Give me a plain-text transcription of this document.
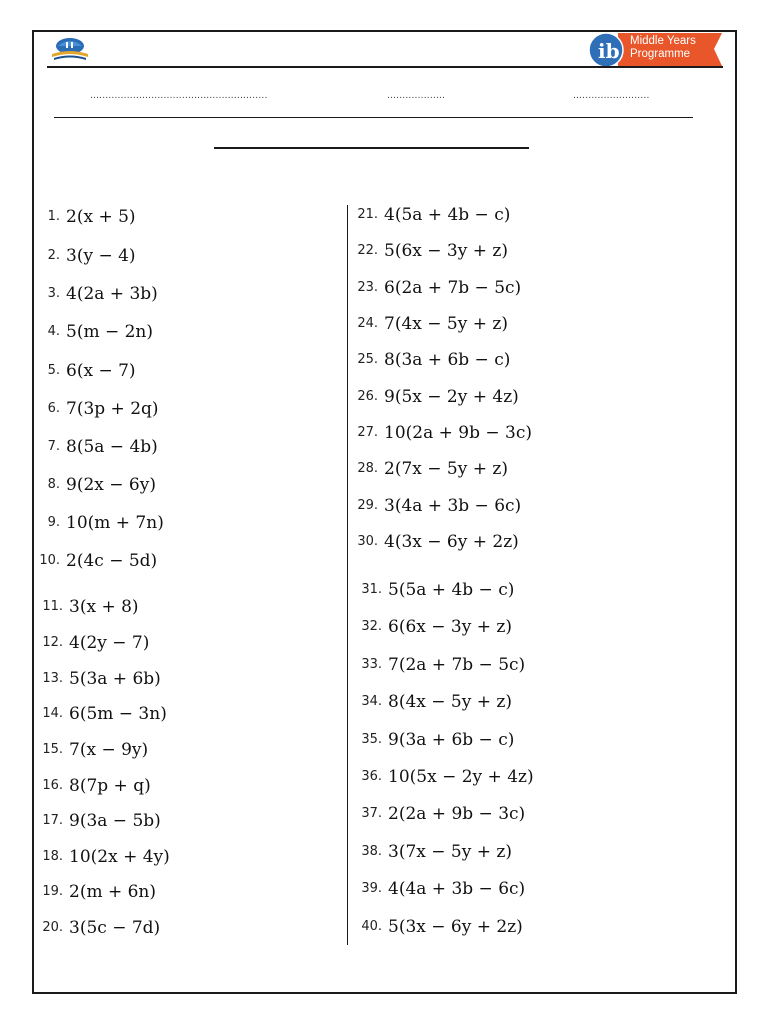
ib Middle Years
Programme
..........................................................	...................	.........................
1. 2(x + 5)
2. 3(y − 4)
3. 4(2a + 3b)
4. 5(m − 2n)
5. 6(x − 7)
6. 7(3p + 2q)
7. 8(5a − 4b)
8. 9(2x − 6y)
9. 10(m + 7n)
10. 2(4c − 5d)
11. 3(x + 8)
12. 4(2y − 7)
13. 5(3a + 6b)
14. 6(5m − 3n)
15. 7(x − 9y)
16. 8(7p + q)
17. 9(3a − 5b)
18. 10(2x + 4y)
19. 2(m + 6n)
20. 3(5c − 7d)
21. 4(5a + 4b − c)
22. 5(6x − 3y + z)
23. 6(2a + 7b − 5c)
24. 7(4x − 5y + z)
25. 8(3a + 6b − c)
26. 9(5x − 2y + 4z)
27. 10(2a + 9b − 3c)
28. 2(7x − 5y + z)
29. 3(4a + 3b − 6c)
30. 4(3x − 6y + 2z)
31. 5(5a + 4b − c)
32. 6(6x − 3y + z)
33. 7(2a + 7b − 5c)
34. 8(4x − 5y + z)
35. 9(3a + 6b − c)
36. 10(5x − 2y + 4z)
37. 2(2a + 9b − 3c)
38. 3(7x − 5y + z)
39. 4(4a + 3b − 6c)
40. 5(3x − 6y + 2z)
